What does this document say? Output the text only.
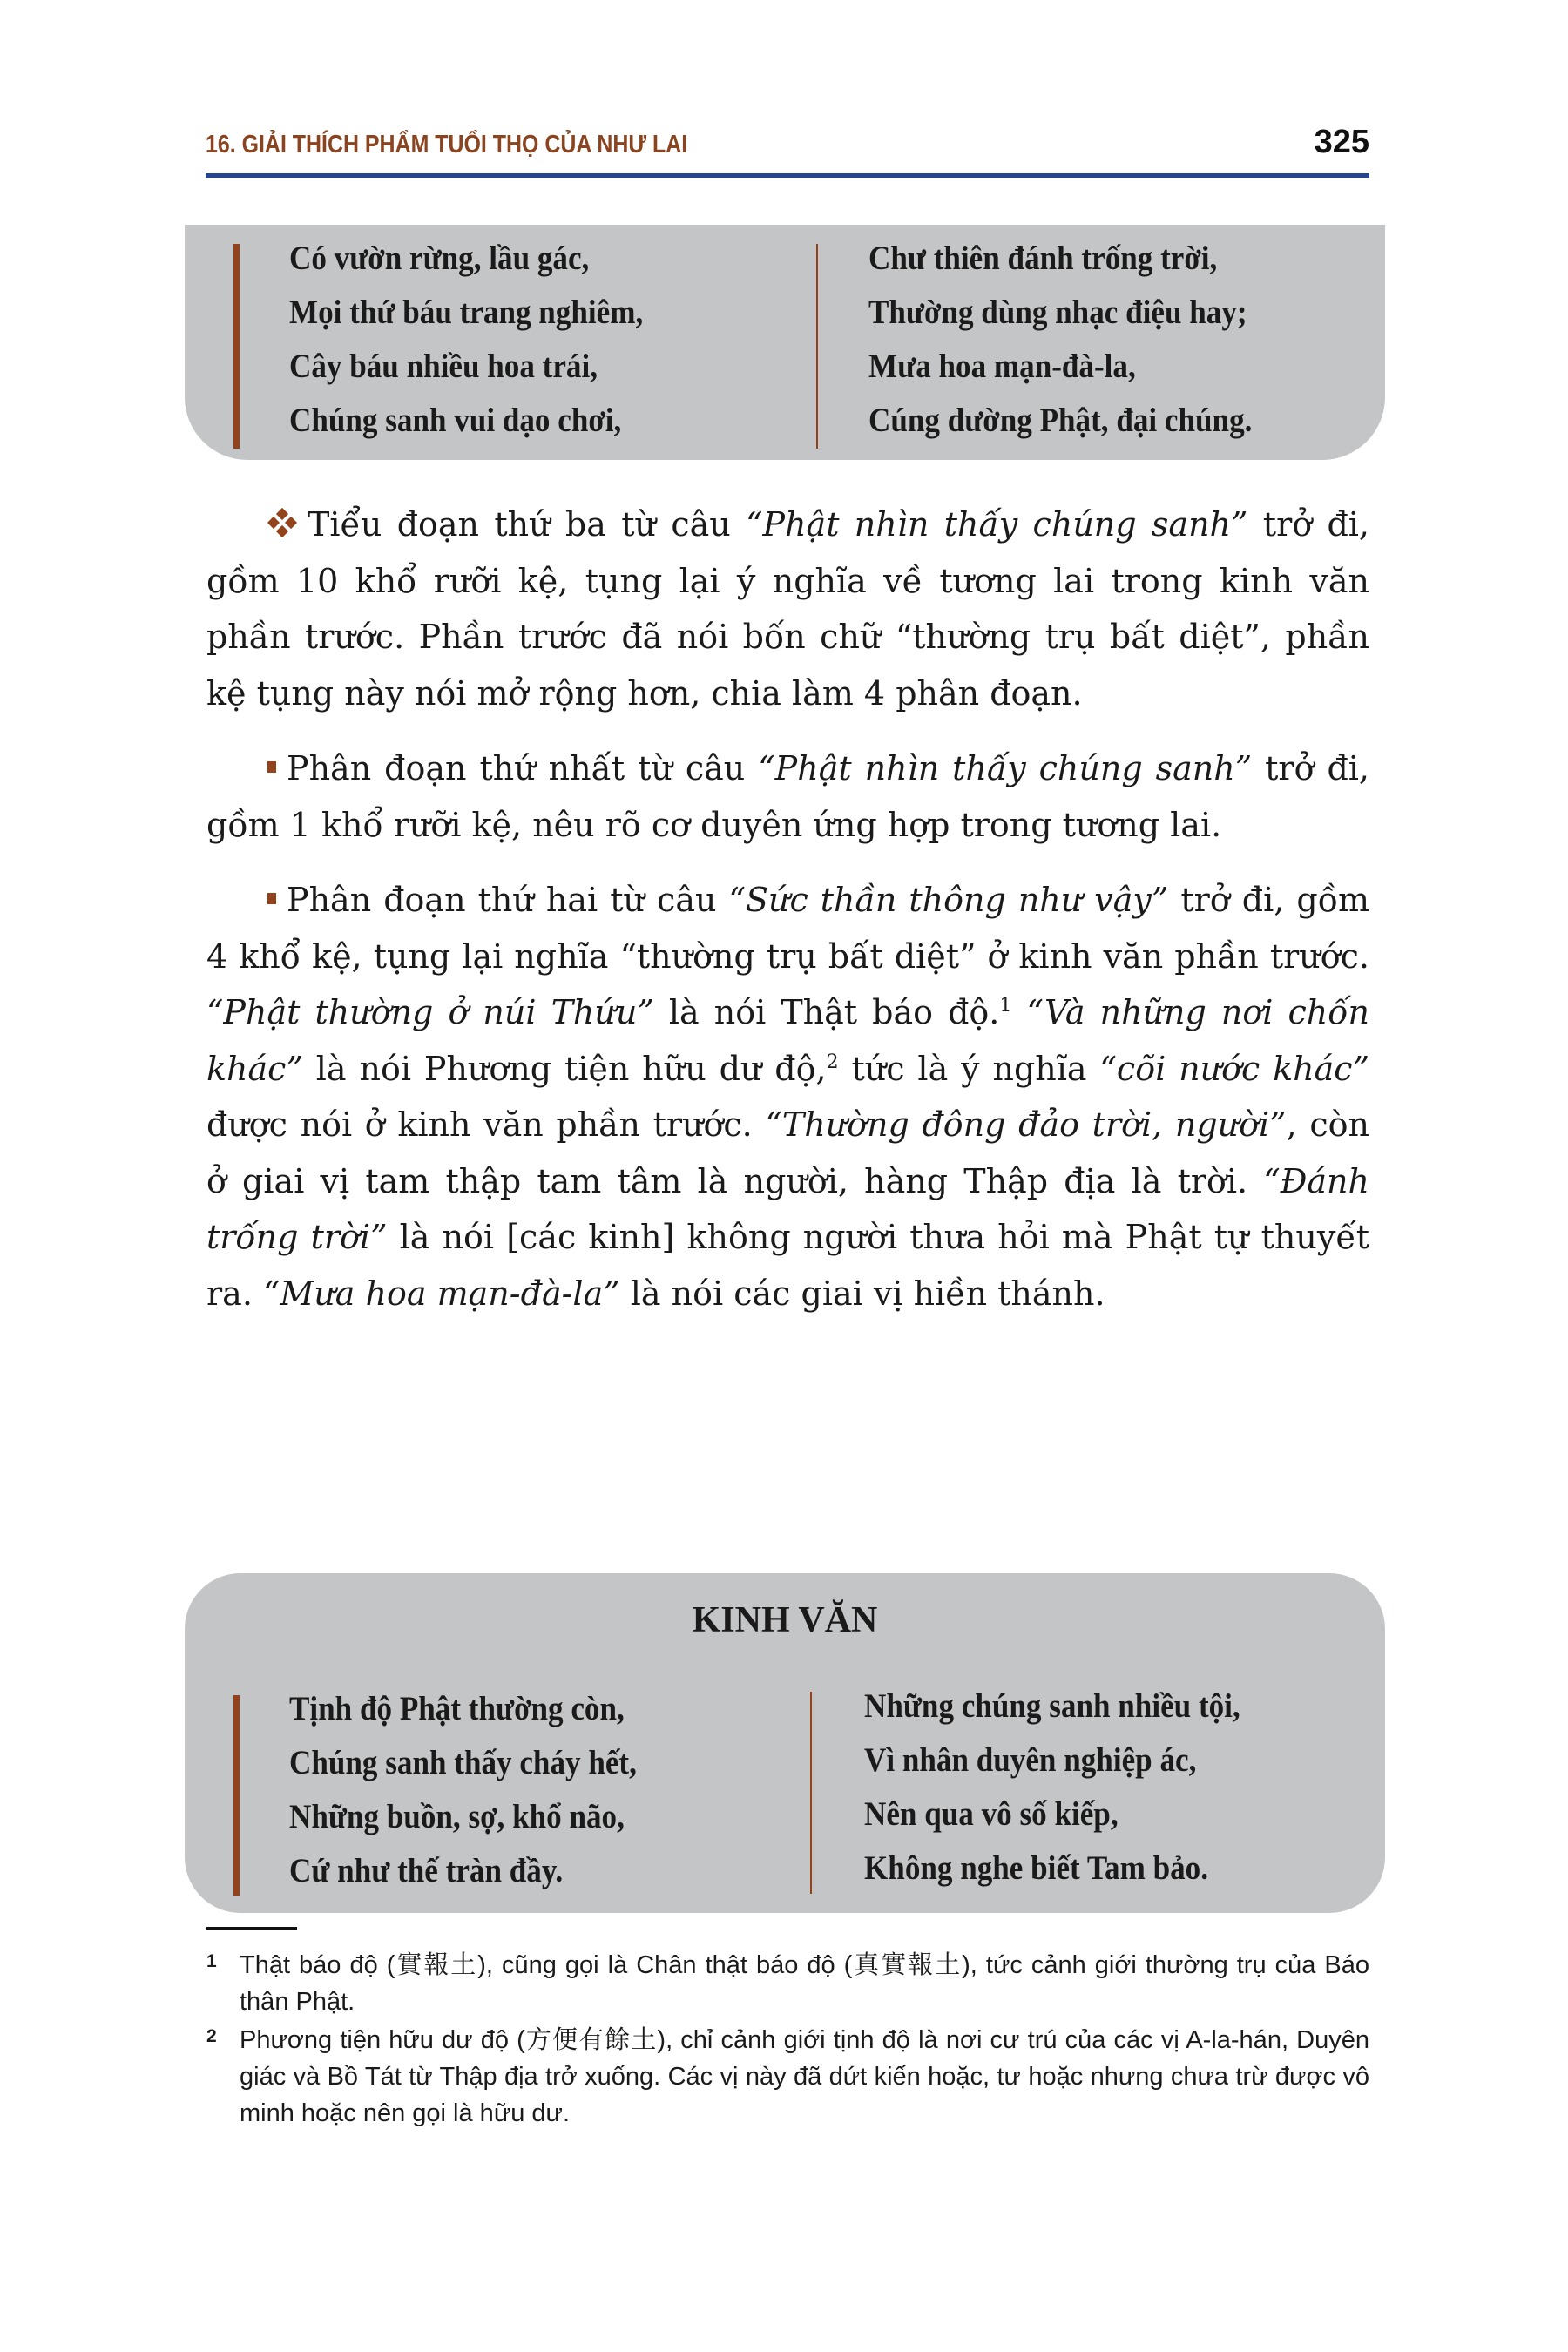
16. GIẢI THÍCH PHẨM TUỔI THỌ CỦA NHƯ LAI	325
Có vườn rừng, lầu gác,
Mọi thứ báu trang nghiêm,
Cây báu nhiều hoa trái,
Chúng sanh vui dạo chơi,
Chư thiên đánh trống trời,
Thường dùng nhạc điệu hay;
Mưa hoa mạn-đà-la,
Cúng dường Phật, đại chúng.

Tiểu đoạn thứ ba từ câu “Phật nhìn thấy chúng sanh” trở đi, gồm 10 khổ rưỡi kệ, tụng lại ý nghĩa về tương lai trong kinh văn phần trước. Phần trước đã nói bốn chữ “thường trụ bất diệt”, phần kệ tụng này nói mở rộng hơn, chia làm 4 phân đoạn.

Phân đoạn thứ nhất từ câu “Phật nhìn thấy chúng sanh” trở đi, gồm 1 khổ rưỡi kệ, nêu rõ cơ duyên ứng hợp trong tương lai.

Phân đoạn thứ hai từ câu “Sức thần thông như vậy” trở đi, gồm 4 khổ kệ, tụng lại nghĩa “thường trụ bất diệt” ở kinh văn phần trước. “Phật thường ở núi Thứu” là nói Thật báo độ.$^1$ “Và những nơi chốn khác” là nói Phương tiện hữu dư độ,$^2$ tức là ý nghĩa “cõi nước khác” được nói ở kinh văn phần trước. “Thường đông đảo trời, người”, còn ở giai vị tam thập tam tâm là người, hàng Thập địa là trời. “Đánh trống trời” là nói [các kinh] không người thưa hỏi mà Phật tự thuyết ra. “Mưa hoa mạn-đà-la” là nói các giai vị hiền thánh.

KINH VĂN
Tịnh độ Phật thường còn,
Chúng sanh thấy cháy hết,
Những buồn, sợ, khổ não,
Cứ như thế tràn đầy.
Những chúng sanh nhiều tội,
Vì nhân duyên nghiệp ác,
Nên qua vô số kiếp,
Không nghe biết Tam bảo.
1 Thật báo độ (實報土), cũng gọi là Chân thật báo độ (真實報土), tức cảnh giới thường trụ của Báo thân Phật.
2 Phương tiện hữu dư độ (方便有餘土), chỉ cảnh giới tịnh độ là nơi cư trú của các vị A-la-hán, Duyên giác và Bồ Tát từ Thập địa trở xuống. Các vị này đã dứt kiến hoặc, tư hoặc nhưng chưa trừ được vô minh hoặc nên gọi là hữu dư.
